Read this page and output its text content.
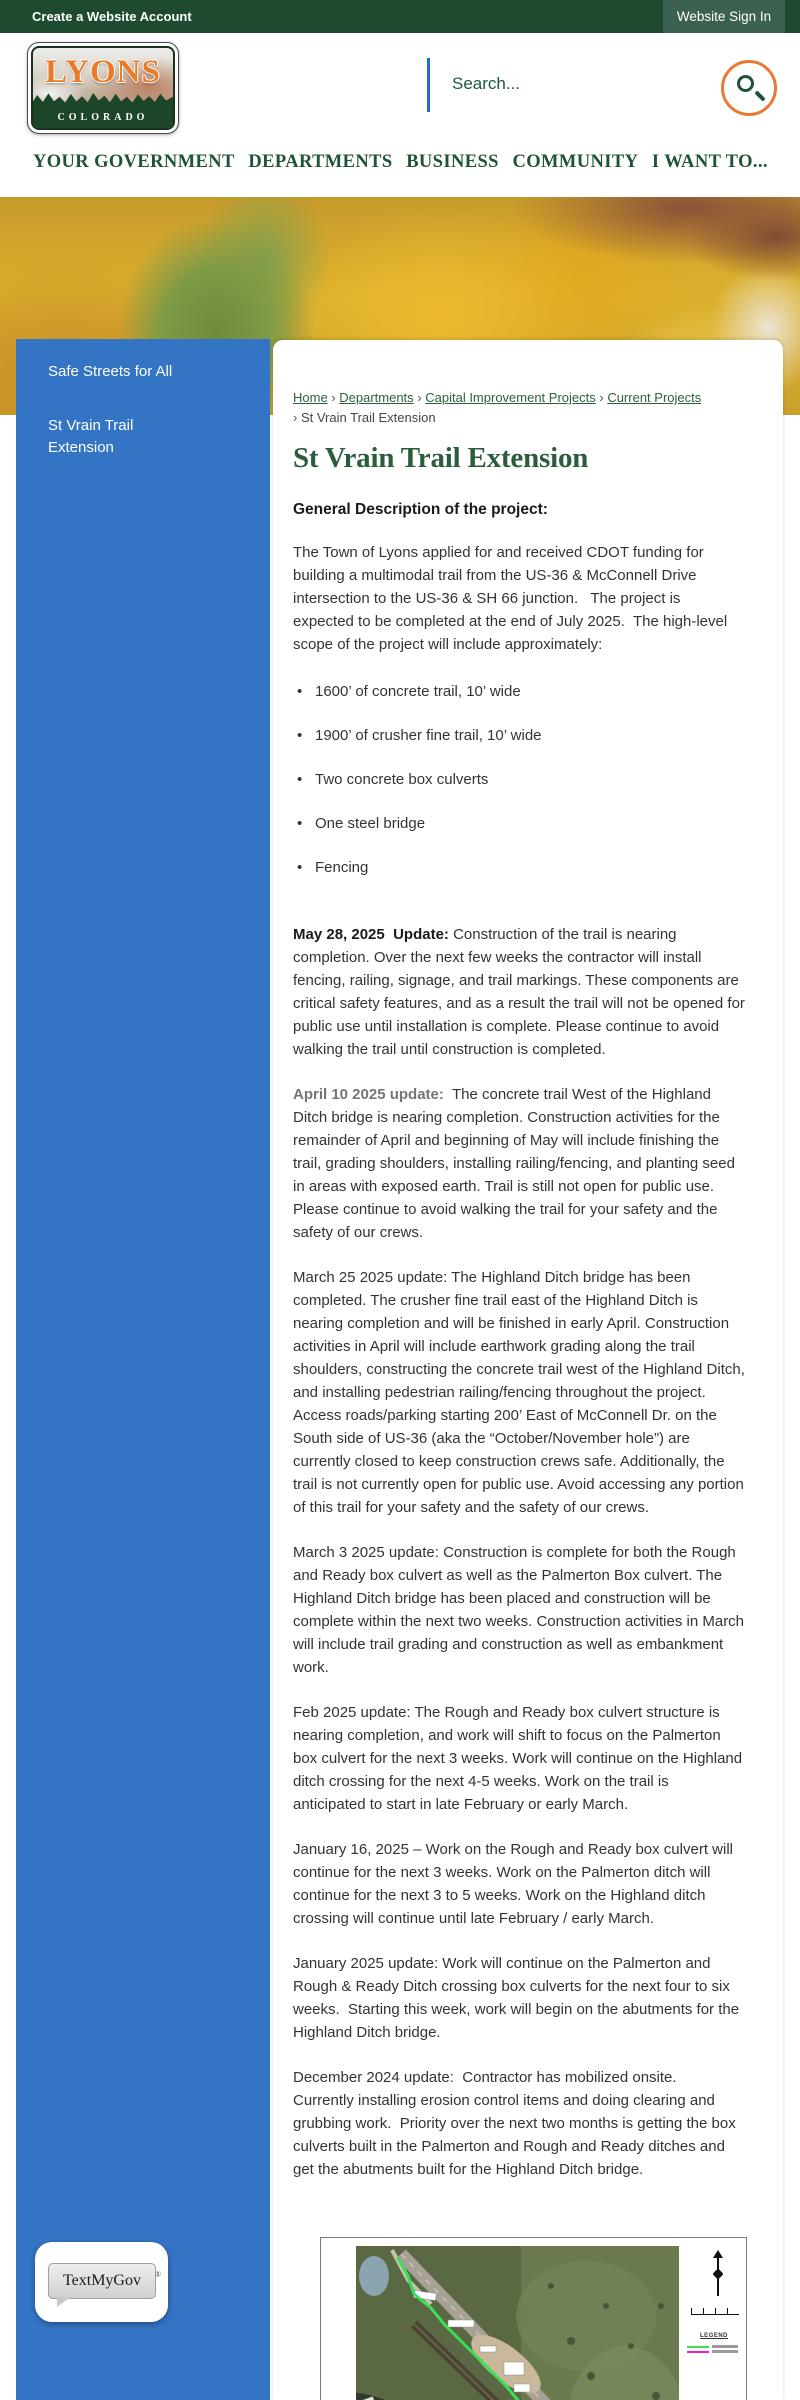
Create a Website Account	Website Sign In
LYONS
COLORADO
Search...
YOUR GOVERNMENT DEPARTMENTS BUSINESS COMMUNITY I WANT TO...
Safe Streets for All
St Vrain Trail Extension
Home › Departments › Capital Improvement Projects › Current Projects
› St Vrain Trail Extension
St Vrain Trail Extension
General Description of the project:

The Town of Lyons applied for and received CDOT funding for building a multimodal trail from the US-36 & McConnell Drive intersection to the US-36 & SH 66 junction.   The project is expected to be completed at the end of July 2025.  The high-level scope of the project will include approximately:

• 1600’ of concrete trail, 10’ wide
• 1900’ of crusher fine trail, 10’ wide
• Two concrete box culverts
• One steel bridge
• Fencing

May 28, 2025  Update: Construction of the trail is nearing completion. Over the next few weeks the contractor will install fencing, railing, signage, and trail markings. These components are critical safety features, and as a result the trail will not be opened for public use until installation is complete. Please continue to avoid walking the trail until construction is completed.

April 10 2025 update:  The concrete trail West of the Highland Ditch bridge is nearing completion. Construction activities for the remainder of April and beginning of May will include finishing the trail, grading shoulders, installing railing/fencing, and planting seed in areas with exposed earth. Trail is still not open for public use. Please continue to avoid walking the trail for your safety and the safety of our crews.

March 25 2025 update: The Highland Ditch bridge has been completed. The crusher fine trail east of the Highland Ditch is nearing completion and will be finished in early April. Construction activities in April will include earthwork grading along the trail shoulders, constructing the concrete trail west of the Highland Ditch, and installing pedestrian railing/fencing throughout the project.  Access roads/parking starting 200’ East of McConnell Dr. on the South side of US-36 (aka the “October/November hole”) are currently closed to keep construction crews safe. Additionally, the trail is not currently open for public use. Avoid accessing any portion of this trail for your safety and the safety of our crews.

March 3 2025 update: Construction is complete for both the Rough and Ready box culvert as well as the Palmerton Box culvert. The Highland Ditch bridge has been placed and construction will be complete within the next two weeks. Construction activities in March will include trail grading and construction as well as embankment work.

Feb 2025 update: The Rough and Ready box culvert structure is nearing completion, and work will shift to focus on the Palmerton box culvert for the next 3 weeks. Work will continue on the Highland ditch crossing for the next 4-5 weeks. Work on the trail is anticipated to start in late February or early March.

January 16, 2025 – Work on the Rough and Ready box culvert will continue for the next 3 weeks. Work on the Palmerton ditch will continue for the next 3 to 5 weeks. Work on the Highland ditch crossing will continue until late February / early March.

January 2025 update: Work will continue on the Palmerton and Rough & Ready Ditch crossing box culverts for the next four to six weeks.  Starting this week, work will begin on the abutments for the Highland Ditch bridge.

December 2024 update:  Contractor has mobilized onsite.   Currently installing erosion control items and doing clearing and grubbing work.  Priority over the next two months is getting the box culverts built in the Palmerton and Rough and Ready ditches and get the abutments built for the Highland Ditch bridge.

TextMyGov ®
LEGEND
